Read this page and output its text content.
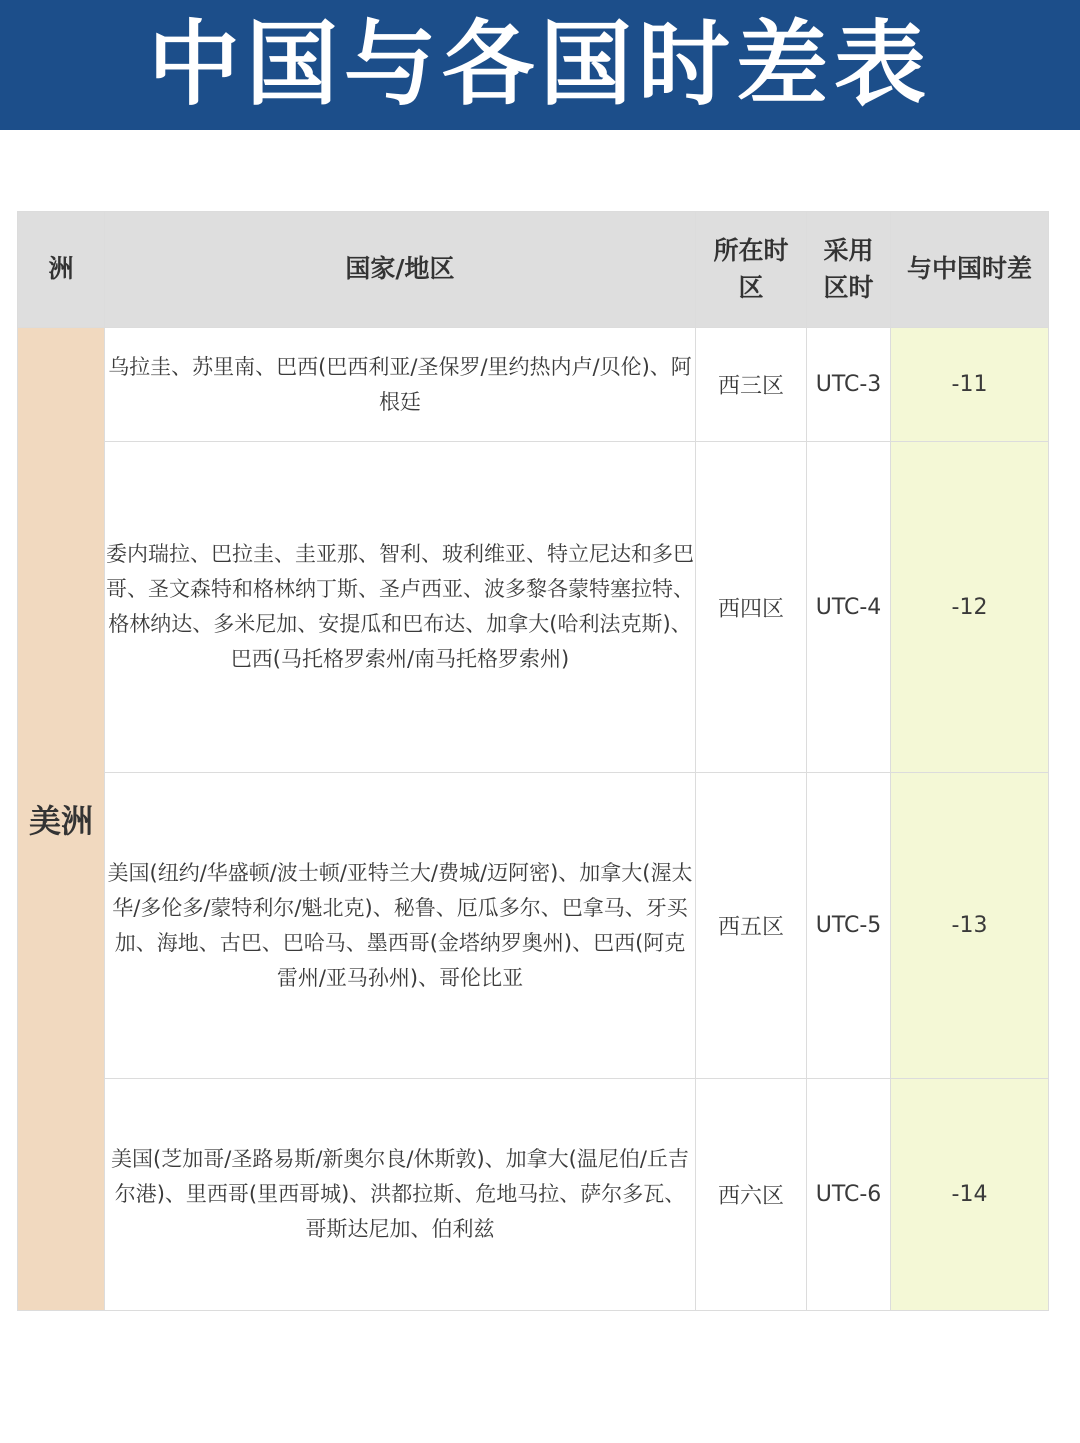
中国与各国时差表
洲	国家/地区	所在时区	采用区时	与中国时差
美洲	乌拉圭、苏里南、巴西(巴西利亚/圣保罗/里约热内卢/贝伦)、阿根廷	西三区	UTC-3	-11
	委内瑞拉、巴拉圭、圭亚那、智利、玻利维亚、特立尼达和多巴哥、圣文森特和格林纳丁斯、圣卢西亚、波多黎各蒙特塞拉特、格林纳达、多米尼加、安提瓜和巴布达、加拿大(哈利法克斯)、巴西(马托格罗索州/南马托格罗索州)	西四区	UTC-4	-12
	美国(纽约/华盛顿/波士顿/亚特兰大/费城/迈阿密)、加拿大(渥太华/多伦多/蒙特利尔/魁北克)、秘鲁、厄瓜多尔、巴拿马、牙买加、海地、古巴、巴哈马、墨西哥(金塔纳罗奥州)、巴西(阿克雷州/亚马孙州)、哥伦比亚	西五区	UTC-5	-13
	美国(芝加哥/圣路易斯/新奥尔良/休斯敦)、加拿大(温尼伯/丘吉尔港)、里西哥(里西哥城)、洪都拉斯、危地马拉、萨尔多瓦、哥斯达尼加、伯利兹	西六区	UTC-6	-14
